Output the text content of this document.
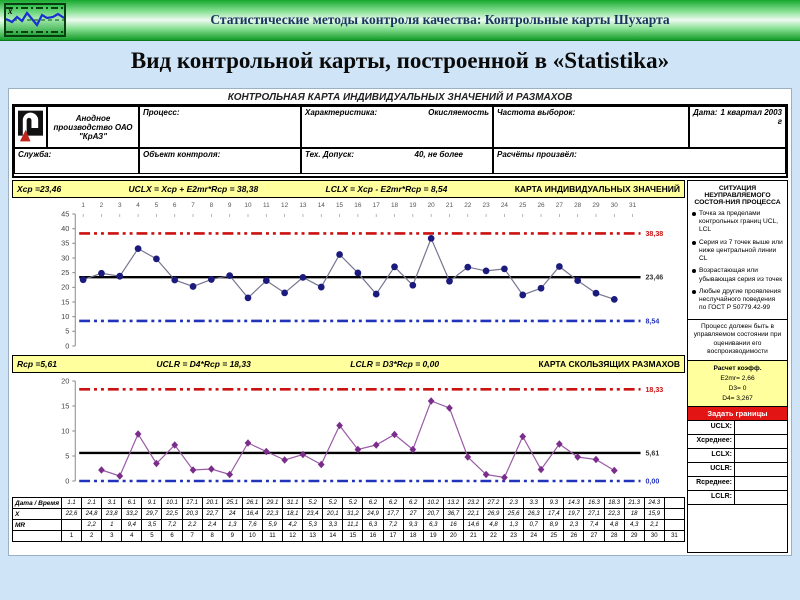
x̄
Статистические методы контроля качества: Контрольные карты Шухарта
Вид контрольной карты, построенной в «Statistika»
КОНТРОЛЬНАЯ КАРТА ИНДИВИДУАЛЬНЫХ ЗНАЧЕНИЙ И РАЗМАХОВ
Анодное производство ОАО "КрАЗ"
Процесс:	Характеристика:	Окисляемость	Частота выборок:	Дата: 1 квартал 2003 г
Служба:	Объект контроля:	Тех. Допуск:	40, не более	Расчёты произвёл:
Хср =23,46	UCLX = Хср + E2mr*Rср = 38,38	LCLX = Хср - E2mr*Rср = 8,54	КАРТА ИНДИВИДУАЛЬНЫХ ЗНАЧЕНИЙ
1 2 3 4 5 6 7 8 9 10 11 12 13 14 15 16 17 18 19 20 21 22 23 24 25 26 27 28 29 30 31
0
5
10
15
20
25
30
35
40
45
38,38
23,46
8,54
Rср =5,61	UCLR = D4*Rср = 18,33	LCLR = D3*Rср = 0,00	КАРТА СКОЛЬЗЯЩИХ РАЗМАХОВ
0
5
10
15
20
18,33
5,61
0,00
Дата / Время	1.1	2.1	3.1	6.1	9.1	10.1	17.1	20.1	25.1	26.1	29.1	31.1	5.2	5.2	5.2	6.2	6.2	6.2	10.2	13.2	23.2	27.2	2.3	3.3	9.3	14.3	16.3	18.3	21.3	24.3	
X	22,6	24,8	23,8	33,2	29,7	22,5	20,3	22,7	24	16,4	22,3	18,1	23,4	20,1	31,2	24,9	17,7	27	20,7	36,7	22,1	26,9	25,6	26,3	17,4	19,7	27,1	22,3	18	15,9	
MR		2,2	1	9,4	3,5	7,2	2,2	2,4	1,3	7,6	5,9	4,2	5,3	3,3	11,1	6,3	7,2	9,3	6,3	16	14,6	4,8	1,3	0,7	8,9	2,3	7,4	4,8	4,3	2,1	
	1	2	3	4	5	6	7	8	9	10	11	12	13	14	15	16	17	18	19	20	21	22	23	24	25	26	27	28	29	30	31
СИТУАЦИЯ НЕУПРАВЛЯЕМОГО СОСТОЯ-НИЯ ПРОЦЕССА
Точка за пределами контрольных границ UCL, LCL
Серия из 7 точек выше или ниже центральной линии CL
Возрастающая или убывающая серия из точек
Любые другие проявления неслучайного поведения по ГОСТ Р 50779.42-99
Процесс должен быть в управляемом состоянии при оценивании его воспроизводимости
Расчет коэфф.
E2mr= 2,66
D3= 0
D4= 3,267
Задать границы
UCLX:
Хсреднее:
LCLX:
UCLR:
Rсреднее:
LCLR:
